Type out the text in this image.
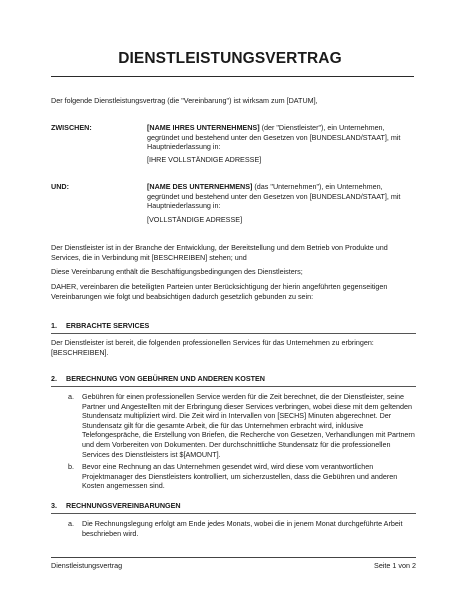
DIENSTLEISTUNGSVERTRAG
Der folgende Dienstleistungsvertrag (die "Vereinbarung") ist wirksam zum [DATUM],
ZWISCHEN:	[NAME IHRES UNTERNEHMENS] (der "Dienstleister"), ein Unternehmen, gegründet und bestehend unter den Gesetzen von [BUNDESLAND/STAAT], mit Hauptniederlassung in:
[IHRE VOLLSTÄNDIGE ADRESSE]
UND:	[NAME DES UNTERNEHMENS] (das "Unternehmen"), ein Unternehmen, gegründet und bestehend unter den Gesetzen von [BUNDESLAND/STAAT], mit Hauptniederlassung in:
[VOLLSTÄNDIGE ADRESSE]
Der Dienstleister ist in der Branche der Entwicklung, der Bereitstellung und dem Betrieb von Produkte und Services, die in Verbindung mit [BESCHREIBEN] stehen; und
Diese Vereinbarung enthält die Beschäftigungsbedingungen des Dienstleisters;
DAHER, vereinbaren die beteiligten Parteien unter Berücksichtigung der hierin angeführten gegenseitigen Vereinbarungen wie folgt und beabsichtigen dadurch gesetzlich gebunden zu sein:
1. ERBRACHTE SERVICES
Der Dienstleister ist bereit, die folgenden professionellen Services für das Unternehmen zu erbringen: [BESCHREIBEN].
2. BERECHNUNG VON GEBÜHREN UND ANDEREN KOSTEN
a. Gebühren für einen professionellen Service werden für die Zeit berechnet, die der Dienstleister, seine Partner und Angestellten mit der Erbringung dieser Services verbringen, wobei diese mit dem geltenden Stundensatz multipliziert wird. Die Zeit wird in Intervallen von [SECHS] Minuten abgerechnet. Der Stundensatz gilt für die gesamte Arbeit, die für das Unternehmen erbracht wird, inklusive Telefongespräche, die Erstellung von Briefen, die Recherche von Gesetzen, Verhandlungen mit Partnern und dem Vorbereiten von Dokumenten. Der durchschnittliche Stundensatz für die professionellen Services des Dienstleisters ist $[AMOUNT].
b. Bevor eine Rechnung an das Unternehmen gesendet wird, wird diese vom verantwortlichen Projektmanager des Dienstleisters kontrolliert, um sicherzustellen, dass die Gebühren und anderen Kosten angemessen sind.
3. RECHNUNGSVEREINBARUNGEN
a. Die Rechnungslegung erfolgt am Ende jedes Monats, wobei die in jenem Monat durchgeführte Arbeit beschrieben wird.
Dienstleistungsvertrag	Seite 1 von 2
